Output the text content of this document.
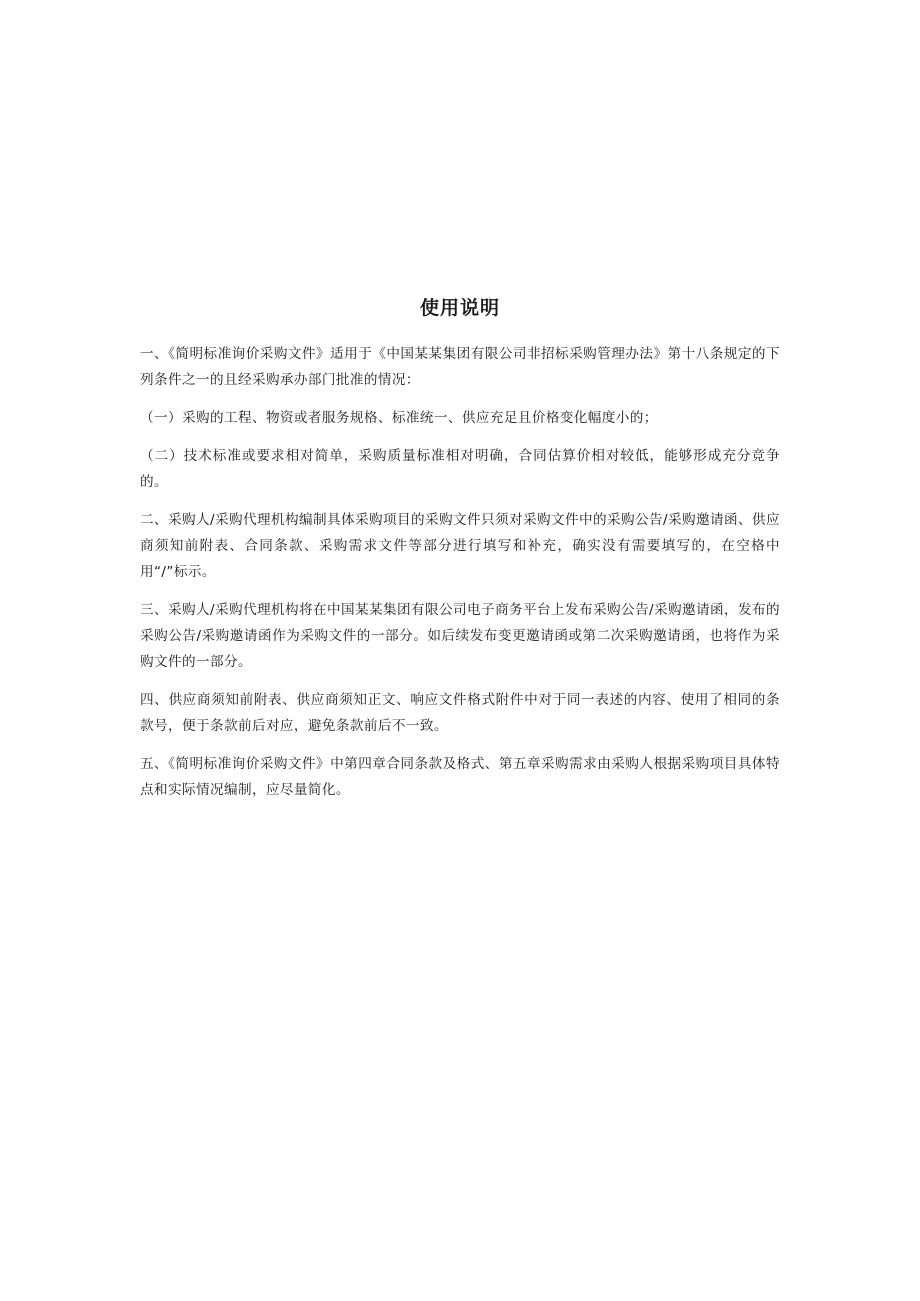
使用说明

一、《简明标准询价采购文件》适用于《中国某某集团有限公司非招标采购管理办法》第十八条规定的下列条件之一的且经采购承办部门批准的情况：

（一）采购的工程、物资或者服务规格、标准统一、供应充足且价格变化幅度小的；

（二）技术标准或要求相对简单，采购质量标准相对明确，合同估算价相对较低，能够形成充分竞争的。

二、采购人/采购代理机构编制具体采购项目的采购文件只须对采购文件中的采购公告/采购邀请函、供应商须知前附表、合同条款、采购需求文件等部分进行填写和补充，确实没有需要填写的，在空格中用“/”标示。

三、采购人/采购代理机构将在中国某某集团有限公司电子商务平台上发布采购公告/采购邀请函，发布的采购公告/采购邀请函作为采购文件的一部分。如后续发布变更邀请函或第二次采购邀请函，也将作为采购文件的一部分。

四、供应商须知前附表、供应商须知正文、响应文件格式附件中对于同一表述的内容、使用了相同的条款号，便于条款前后对应，避免条款前后不一致。

五、《简明标准询价采购文件》中第四章合同条款及格式、第五章采购需求由采购人根据采购项目具体特点和实际情况编制，应尽量简化。
